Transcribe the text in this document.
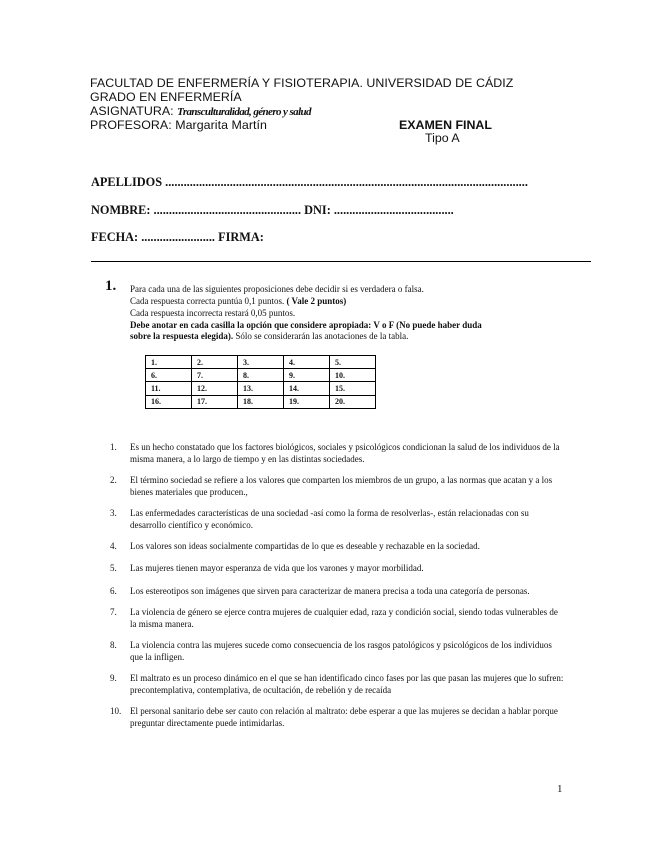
FACULTAD DE ENFERMERÍA Y FISIOTERAPIA. UNIVERSIDAD DE CÁDIZ
GRADO EN ENFERMERÍA
ASIGNATURA: Transculturalidad, género y salud
PROFESORA: Margarita Martín	EXAMEN FINAL
Tipo A
APELLIDOS ......................................................................................................................
NOMBRE: ................................................ DNI: .......................................
FECHA: ........................ FIRMA:
1. Para cada una de las siguientes proposiciones debe decidir si es verdadera o falsa.
Cada respuesta correcta puntúa 0,1 puntos. ( Vale 2 puntos)
Cada respuesta incorrecta restará 0,05 puntos.
Debe anotar en cada casilla la opción que considere apropiada: V o F (No puede haber duda
sobre la respuesta elegida). Sólo se considerarán las anotaciones de la tabla.
1.	2.	3.	4.	5.
6.	7.	8.	9.	10.
11.	12.	13.	14.	15.
16.	17.	18.	19.	20.
1. Es un hecho constatado que los factores biológicos, sociales y psicológicos condicionan la salud de los individuos de la misma manera, a lo largo de tiempo y en las distintas sociedades.
2. El término sociedad se refiere a los valores que comparten los miembros de un grupo, a las normas que acatan y a los bienes materiales que producen.,
3. Las enfermedades características de una sociedad -así como la forma de resolverlas-, están relacionadas con su desarrollo científico y económico.
4. Los valores son ideas socialmente compartidas de lo que es deseable y rechazable en la sociedad.
5. Las mujeres tienen mayor esperanza de vida que los varones y mayor morbilidad.
6. Los estereotipos son imágenes que sirven para caracterizar de manera precisa a toda una categoría de personas.
7. La violencia de género se ejerce contra mujeres de cualquier edad, raza y condición social, siendo todas vulnerables de la misma manera.
8. La violencia contra las mujeres sucede como consecuencia de los rasgos patológicos y psicológicos de los individuos que la infligen.
9. El maltrato es un proceso dinámico en el que se han identificado cinco fases por las que pasan las mujeres que lo sufren: precontemplativa, contemplativa, de ocultación, de rebelión y de recaída
10. El personal sanitario debe ser cauto con relación al maltrato: debe esperar a que las mujeres se decidan a hablar porque preguntar directamente puede intimidarlas.
1
